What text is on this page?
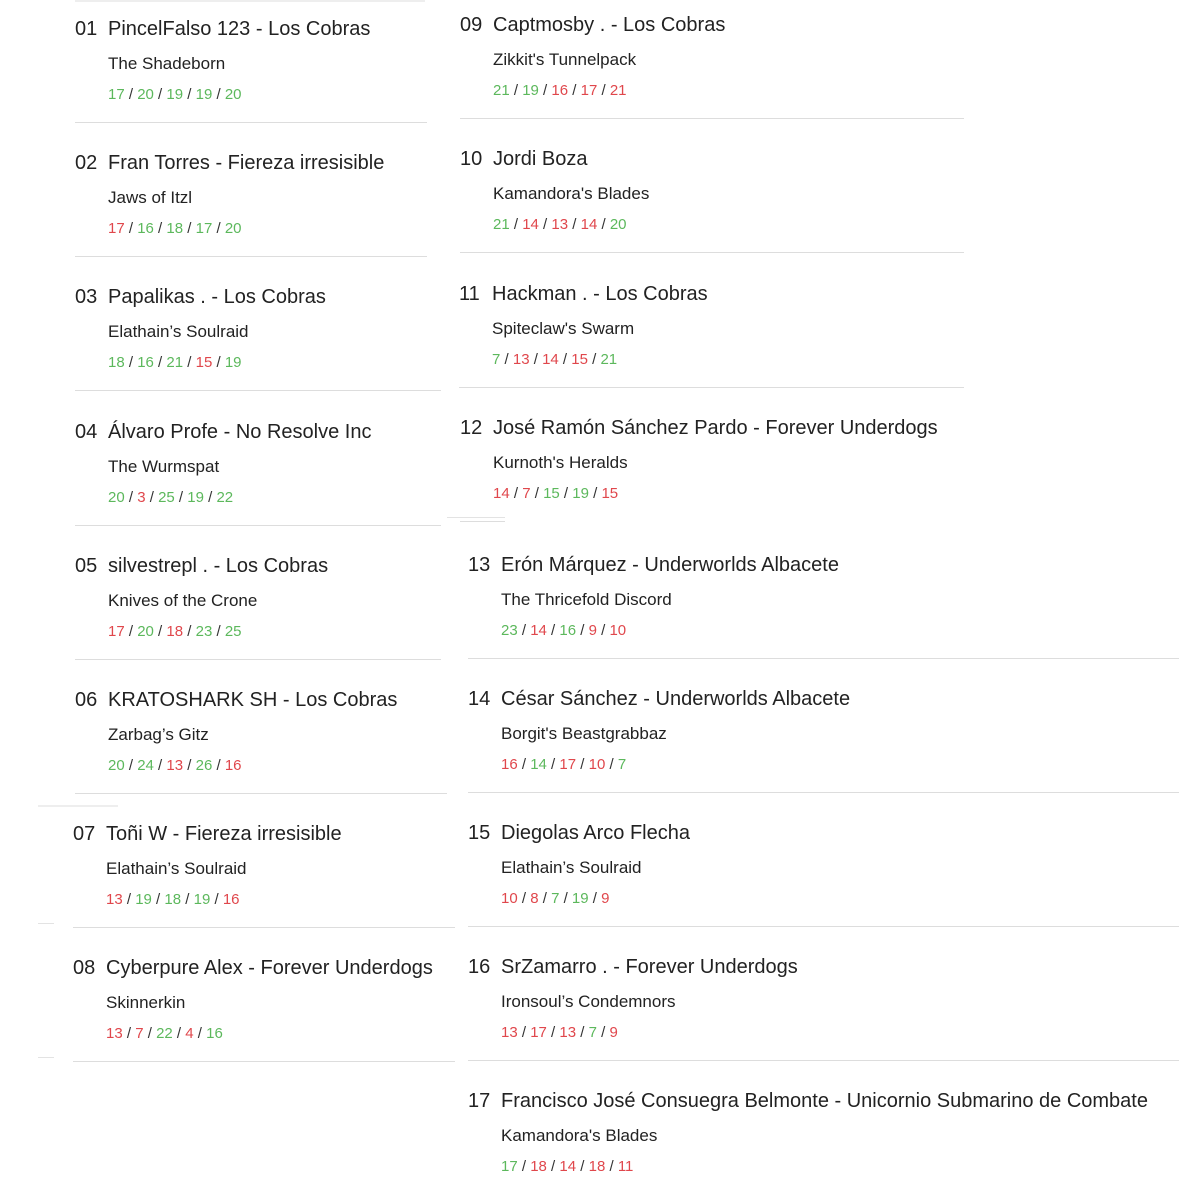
01 PincelFalso 123 - Los Cobras
The Shadeborn
17 / 20 / 19 / 19 / 20
02 Fran Torres - Fiereza irresisible
Jaws of Itzl
17 / 16 / 18 / 17 / 20
03 Papalikas . - Los Cobras
Elathain’s Soulraid
18 / 16 / 21 / 15 / 19
04 Álvaro Profe - No Resolve Inc
The Wurmspat
20 / 3 / 25 / 19 / 22
05 silvestrepl . - Los Cobras
Knives of the Crone
17 / 20 / 18 / 23 / 25
06 KRATOSHARK SH - Los Cobras
Zarbag’s Gitz
20 / 24 / 13 / 26 / 16
07 Toñi W - Fiereza irresisible
Elathain’s Soulraid
13 / 19 / 18 / 19 / 16
08 Cyberpure Alex - Forever Underdogs
Skinnerkin
13 / 7 / 22 / 4 / 16
09 Captmosby . - Los Cobras
Zikkit's Tunnelpack
21 / 19 / 16 / 17 / 21
10 Jordi Boza
Kamandora's Blades
21 / 14 / 13 / 14 / 20
11 Hackman . - Los Cobras
Spiteclaw's Swarm
7 / 13 / 14 / 15 / 21
12 José Ramón Sánchez Pardo - Forever Underdogs
Kurnoth's Heralds
14 / 7 / 15 / 19 / 15
13 Erón Márquez - Underworlds Albacete
The Thricefold Discord
23 / 14 / 16 / 9 / 10
14 César Sánchez - Underworlds Albacete
Borgit's Beastgrabbaz
16 / 14 / 17 / 10 / 7
15 Diegolas Arco Flecha
Elathain’s Soulraid
10 / 8 / 7 / 19 / 9
16 SrZamarro . - Forever Underdogs
Ironsoul’s Condemnors
13 / 17 / 13 / 7 / 9
17 Francisco José Consuegra Belmonte - Unicornio Submarino de Combate
Kamandora's Blades
17 / 18 / 14 / 18 / 11
